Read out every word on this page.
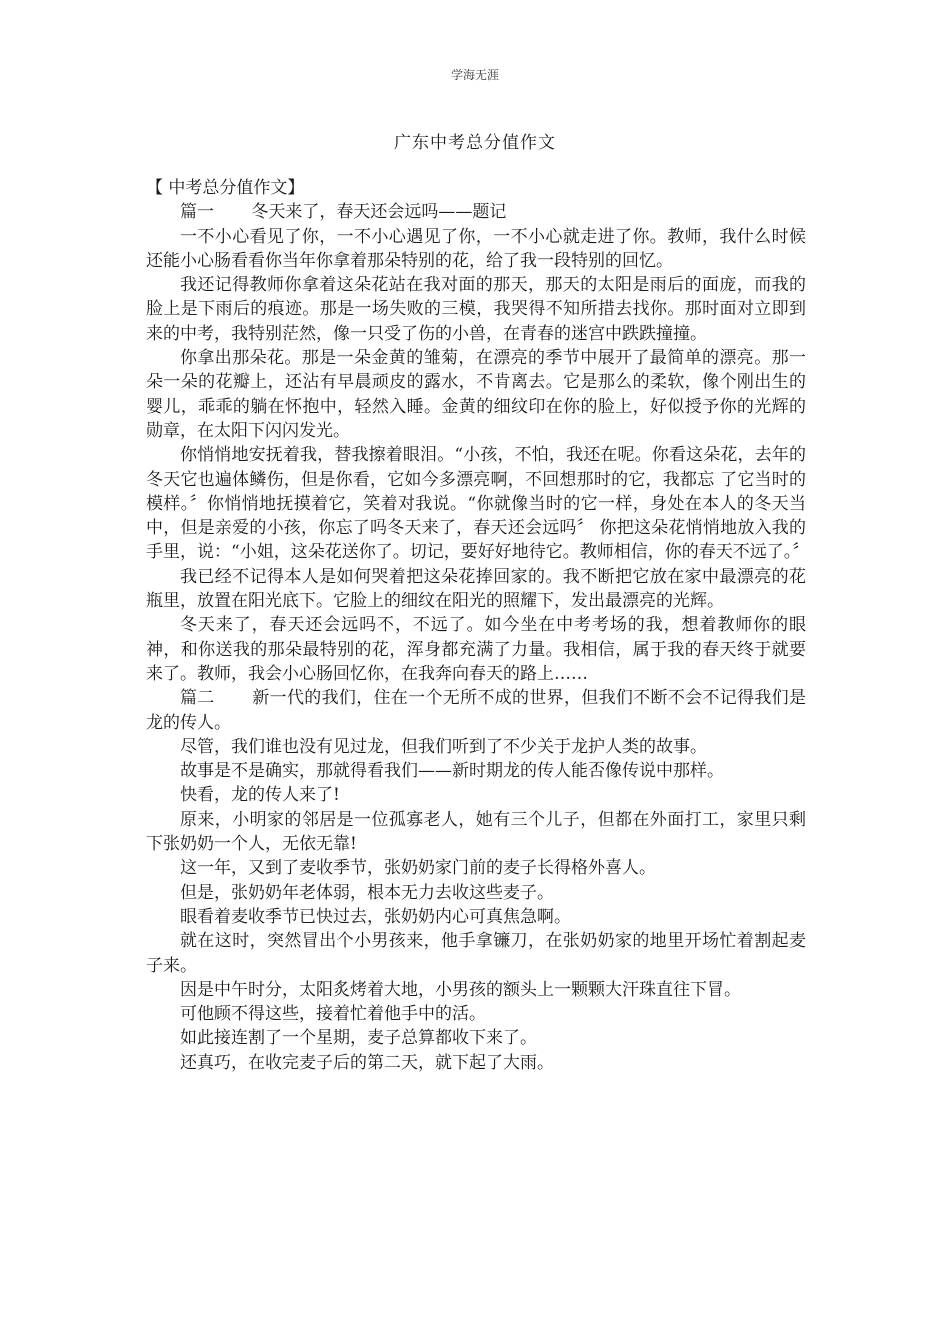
学海无涯
广东中考总分值作文

【 中考总分值作文】

篇一 冬天来了，春天还会远吗——题记

一不小心看见了你，一不小心遇见了你，一不小心就走进了你。教师，我什么时候还能小心肠看看你当年你拿着那朵特别的花，给了我一段特别的回忆。

我还记得教师你拿着这朵花站在我对面的那天，那天的太阳是雨后的面庞，而我的脸上是下雨后的痕迹。那是一场失败的三模，我哭得不知所措去找你。那时面对立即到来的中考，我特别茫然，像一只受了伤的小兽，在青春的迷宫中跌跌撞撞。

你拿出那朵花。那是一朵金黄的雏菊，在漂亮的季节中展开了最简单的漂亮。那一朵一朵的花瓣上，还沾有早晨顽皮的露水，不肯离去。它是那么的柔软，像个刚出生的婴儿，乖乖的躺在怀抱中，轻然入睡。金黄的细纹印在你的脸上，好似授予你的光辉的勋章，在太阳下闪闪发光。

你悄悄地安抚着我，替我擦着眼泪。“小孩，不怕，我还在呢。你看这朵花，去年的冬天它也遍体鳞伤，但是你看，它如今多漂亮啊，不回想那时的它，我都忘 了它当时的模样。〞你悄悄地抚摸着它，笑着对我说。“你就像当时的它一样，身处在本人的冬天当中，但是亲爱的小孩，你忘了吗冬天来了，春天还会远吗〞 你把这朵花悄悄地放入我的手里，说：“小姐，这朵花送你了。切记，要好好地待它。教师相信，你的春天不远了。〞

我已经不记得本人是如何哭着把这朵花捧回家的。我不断把它放在家中最漂亮的花瓶里，放置在阳光底下。它脸上的细纹在阳光的照耀下，发出最漂亮的光辉。

冬天来了，春天还会远吗不，不远了。如今坐在中考考场的我，想着教师你的眼神，和你送我的那朵最特别的花，浑身都充满了力量。我相信，属于我的春天终于就要来了。教师，我会小心肠回忆你，在我奔向春天的路上……

篇二 新一代的我们，住在一个无所不成的世界，但我们不断不会不记得我们是龙的传人。

尽管，我们谁也没有见过龙，但我们听到了不少关于龙护人类的故事。

故事是不是确实，那就得看我们——新时期龙的传人能否像传说中那样。

快看，龙的传人来了!

原来，小明家的邻居是一位孤寡老人，她有三个儿子，但都在外面打工，家里只剩下张奶奶一个人，无依无靠!

这一年，又到了麦收季节，张奶奶家门前的麦子长得格外喜人。

但是，张奶奶年老体弱，根本无力去收这些麦子。

眼看着麦收季节已快过去，张奶奶内心可真焦急啊。

就在这时，突然冒出个小男孩来，他手拿镰刀，在张奶奶家的地里开场忙着割起麦子来。

因是中午时分，太阳炙烤着大地，小男孩的额头上一颗颗大汗珠直往下冒。

可他顾不得这些，接着忙着他手中的活。

如此接连割了一个星期，麦子总算都收下来了。

还真巧，在收完麦子后的第二天，就下起了大雨。
